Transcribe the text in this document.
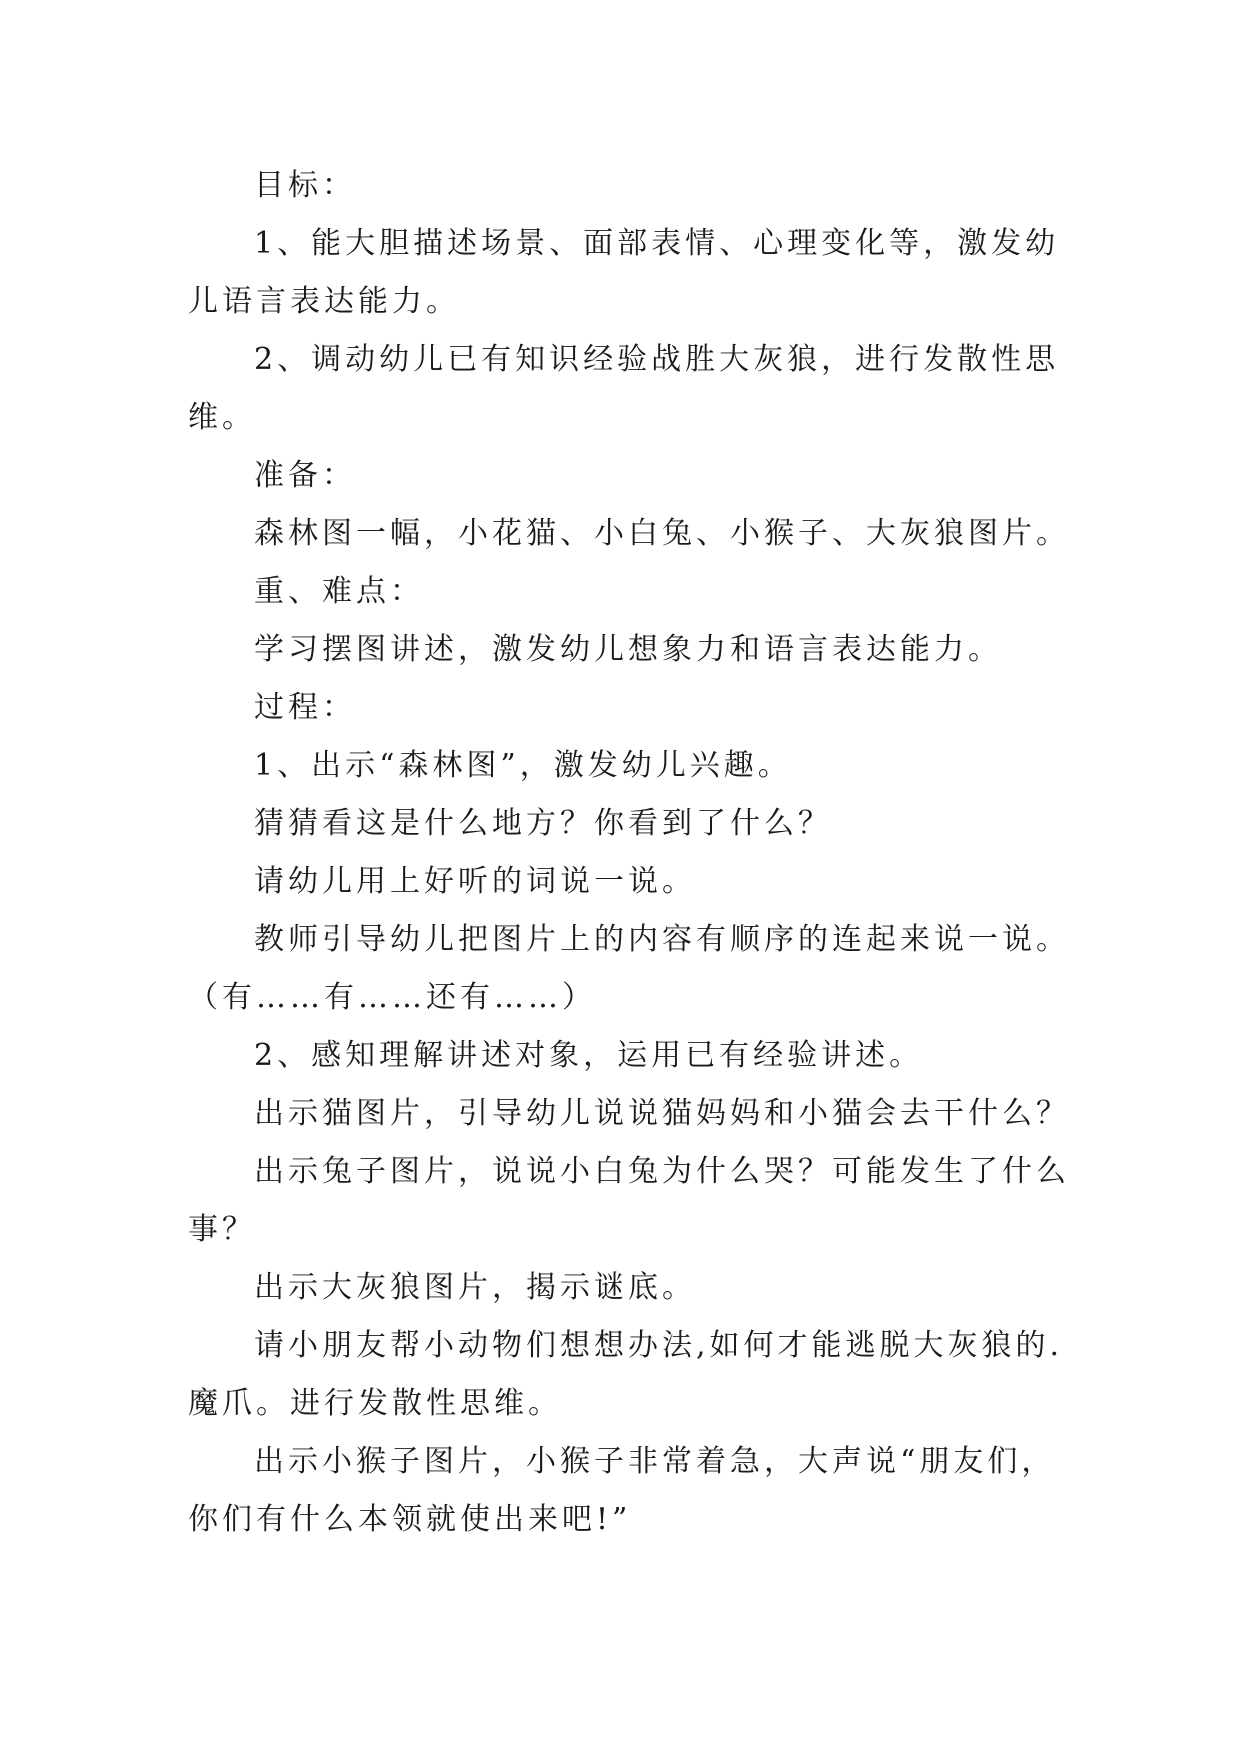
目标：

1、能大胆描述场景、面部表情、心理变化等，激发幼

儿语言表达能力。

2、调动幼儿已有知识经验战胜大灰狼，进行发散性思

维。

准备：

森林图一幅，小花猫、小白兔、小猴子、大灰狼图片。

重、难点：

学习摆图讲述，激发幼儿想象力和语言表达能力。

过程：

1、出示“森林图”，激发幼儿兴趣。

猜猜看这是什么地方？你看到了什么？

请幼儿用上好听的词说一说。

教师引导幼儿把图片上的内容有顺序的连起来说一说。

（有……有……还有……）

2、感知理解讲述对象，运用已有经验讲述。

出示猫图片，引导幼儿说说猫妈妈和小猫会去干什么？

出示兔子图片，说说小白兔为什么哭？可能发生了什么

事？

出示大灰狼图片，揭示谜底。

请小朋友帮小动物们想想办法,如何才能逃脱大灰狼的.

魔爪。进行发散性思维。

出示小猴子图片，小猴子非常着急，大声说“朋友们，

你们有什么本领就使出来吧!”
